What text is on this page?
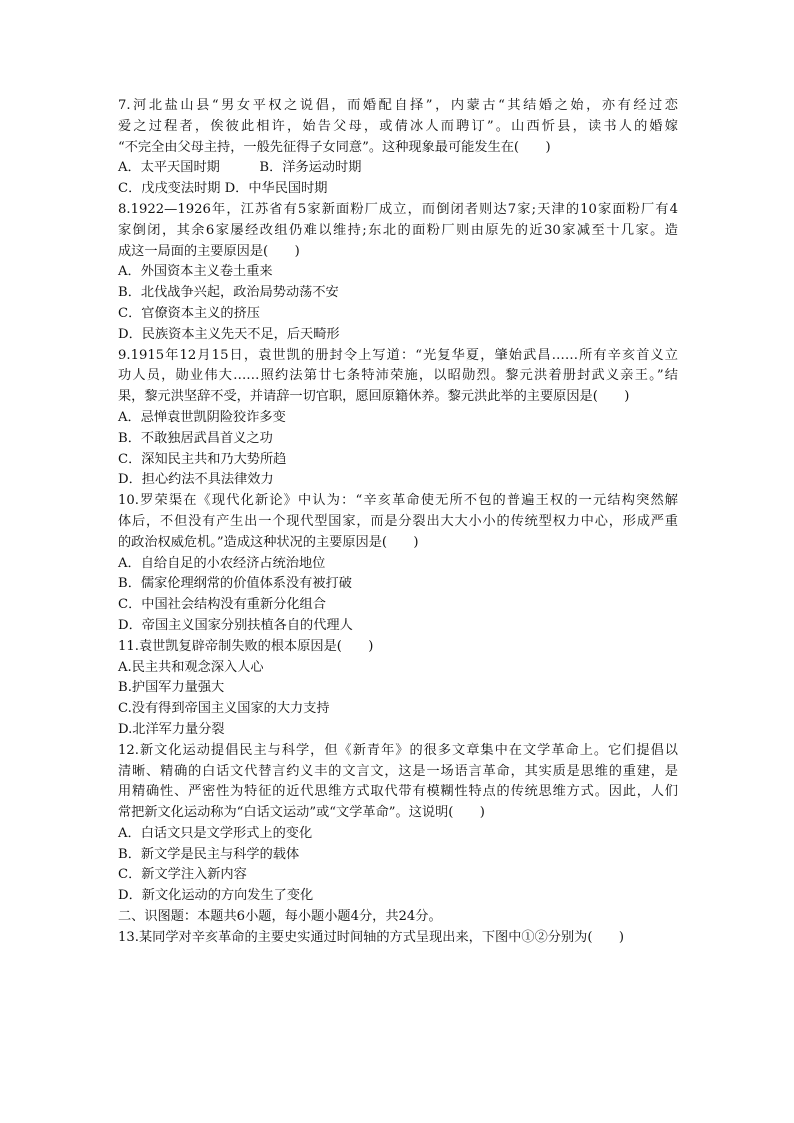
7.河北盐山县“男女平权之说倡，而婚配自择”，内蒙古“其结婚之始，亦有经过恋
爱之过程者，俟彼此相许，始告父母，或倩冰人而聘订”。山西忻县，读书人的婚嫁
“不完全由父母主持，一般先征得子女同意”。这种现象最可能发生在(　　)
A．太平天国时期　　　B．洋务运动时期
C．戊戌变法时期 D．中华民国时期
8.1922—1926年，江苏省有5家新面粉厂成立，而倒闭者则达7家;天津的10家面粉厂有4
家倒闭，其余6家屡经改组仍难以维持;东北的面粉厂则由原先的近30家减至十几家。造
成这一局面的主要原因是(　　)
A．外国资本主义卷土重来
B．北伐战争兴起，政治局势动荡不安
C．官僚资本主义的挤压
D．民族资本主义先天不足，后天畸形
9.1915年12月15日，袁世凯的册封令上写道：“光复华夏，肇始武昌……所有辛亥首义立
功人员，勋业伟大……照约法第廿七条特沛荣施，以昭勋烈。黎元洪着册封武义亲王。”结
果，黎元洪坚辞不受，并请辞一切官职，愿回原籍休养。黎元洪此举的主要原因是(　　)
A．忌惮袁世凯阴险狡诈多变
B．不敢独居武昌首义之功
C．深知民主共和乃大势所趋
D．担心约法不具法律效力
10.罗荣渠在《现代化新论》中认为：“辛亥革命使无所不包的普遍王权的一元结构突然解
体后，不但没有产生出一个现代型国家，而是分裂出大大小小的传统型权力中心，形成严重
的政治权威危机。”造成这种状况的主要原因是(　　)
A．自给自足的小农经济占统治地位
B．儒家伦理纲常的价值体系没有被打破
C．中国社会结构没有重新分化组合
D．帝国主义国家分别扶植各自的代理人
11.袁世凯复辟帝制失败的根本原因是(　　)
A.民主共和观念深入人心
B.护国军力量强大
C.没有得到帝国主义国家的大力支持
D.北洋军力量分裂
12.新文化运动提倡民主与科学，但《新青年》的很多文章集中在文学革命上。它们提倡以
清晰、精确的白话文代替言约义丰的文言文，这是一场语言革命，其实质是思维的重建，是
用精确性、严密性为特征的近代思维方式取代带有模糊性特点的传统思维方式。因此，人们
常把新文化运动称为“白话文运动”或“文学革命”。这说明(　　)
A．白话文只是文学形式上的变化
B．新文学是民主与科学的载体
C．新文学注入新内容
D．新文化运动的方向发生了变化
二、识图题：本题共6小题，每小题小题4分，共24分。
13.某同学对辛亥革命的主要史实通过时间轴的方式呈现出来，下图中①②分别为(　　)
